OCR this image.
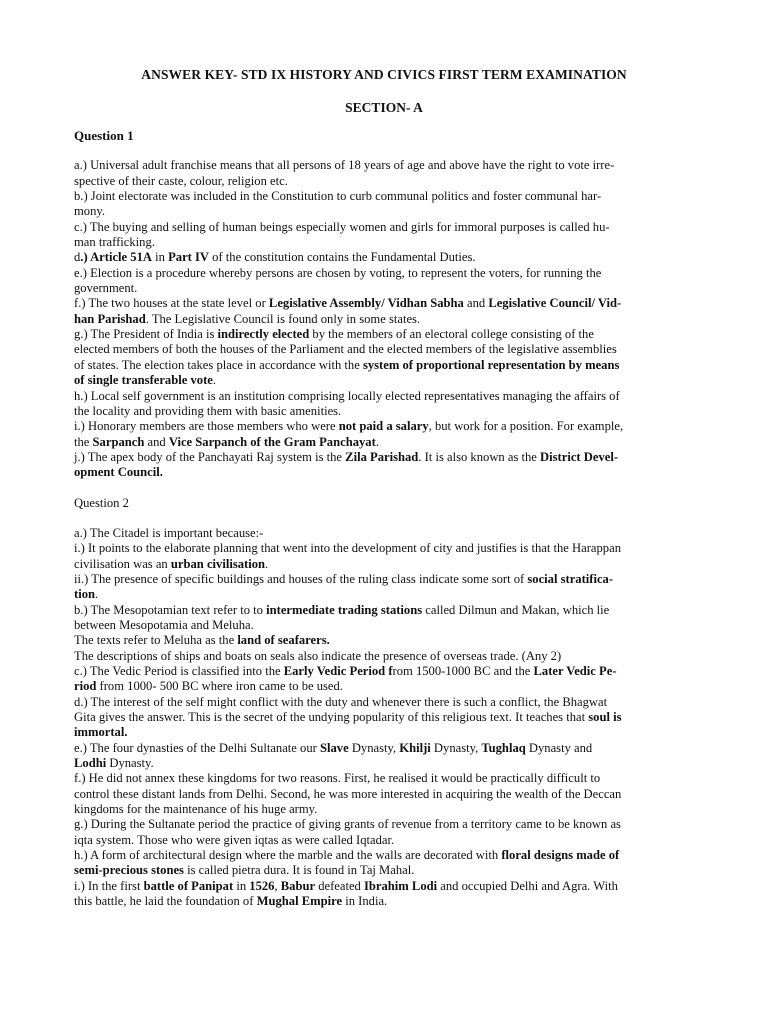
ANSWER KEY- STD IX HISTORY AND CIVICS FIRST TERM EXAMINATION
SECTION- A
Question 1

a.) Universal adult franchise means that all persons of 18 years of age and above have the right to vote irre-
spective of their caste, colour, religion etc.

b.) Joint electorate was included in the Constitution to curb communal politics and foster communal har-
mony.

c.) The buying and selling of human beings especially women and girls for immoral purposes is called hu-
man trafficking.

d.) Article 51A in Part IV of the constitution contains the Fundamental Duties.

e.) Election is a procedure whereby persons are chosen by voting, to represent the voters, for running the
government.

f.) The two houses at the state level or Legislative Assembly/ Vidhan Sabha and Legislative Council/ Vid-
han Parishad. The Legislative Council is found only in some states.

g.) The President of India is indirectly elected by the members of an electoral college consisting of the
elected members of both the houses of the Parliament and the elected members of the legislative assemblies
of states. The election takes place in accordance with the system of proportional representation by means
of single transferable vote.

h.) Local self government is an institution comprising locally elected representatives managing the affairs of
the locality and providing them with basic amenities.

i.) Honorary members are those members who were not paid a salary, but work for a position. For example,
the Sarpanch and Vice Sarpanch of the Gram Panchayat.

j.) The apex body of the Panchayati Raj system is the Zila Parishad. It is also known as the District Devel-
opment Council.

Question 2

a.) The Citadel is important because:-
i.) It points to the elaborate planning that went into the development of city and justifies is that the Harappan
civilisation was an urban civilisation.
ii.) The presence of specific buildings and houses of the ruling class indicate some sort of social stratifica-
tion.

b.) The Mesopotamian text refer to to intermediate trading stations called Dilmun and Makan, which lie
between Mesopotamia and Meluha.
The texts refer to Meluha as the land of seafarers.
The descriptions of ships and boats on seals also indicate the presence of overseas trade. (Any 2)

c.) The Vedic Period is classified into the Early Vedic Period from 1500-1000 BC and the Later Vedic Pe-
riod from 1000- 500 BC where iron came to be used.

d.) The interest of the self might conflict with the duty and whenever there is such a conflict, the Bhagwat
Gita gives the answer. This is the secret of the undying popularity of this religious text. It teaches that soul is
immortal.

e.) The four dynasties of the Delhi Sultanate our Slave Dynasty, Khilji Dynasty, Tughlaq Dynasty and
Lodhi Dynasty.

f.) He did not annex these kingdoms for two reasons. First, he realised it would be practically difficult to
control these distant lands from Delhi. Second, he was more interested in acquiring the wealth of the Deccan
kingdoms for the maintenance of his huge army.

g.) During the Sultanate period the practice of giving grants of revenue from a territory came to be known as
iqta system. Those who were given iqtas as were called Iqtadar.

h.) A form of architectural design where the marble and the walls are decorated with floral designs made of
semi-precious stones is called pietra dura. It is found in Taj Mahal.

i.) In the first battle of Panipat in 1526, Babur defeated Ibrahim Lodi and occupied Delhi and Agra. With
this battle, he laid the foundation of Mughal Empire in India.
